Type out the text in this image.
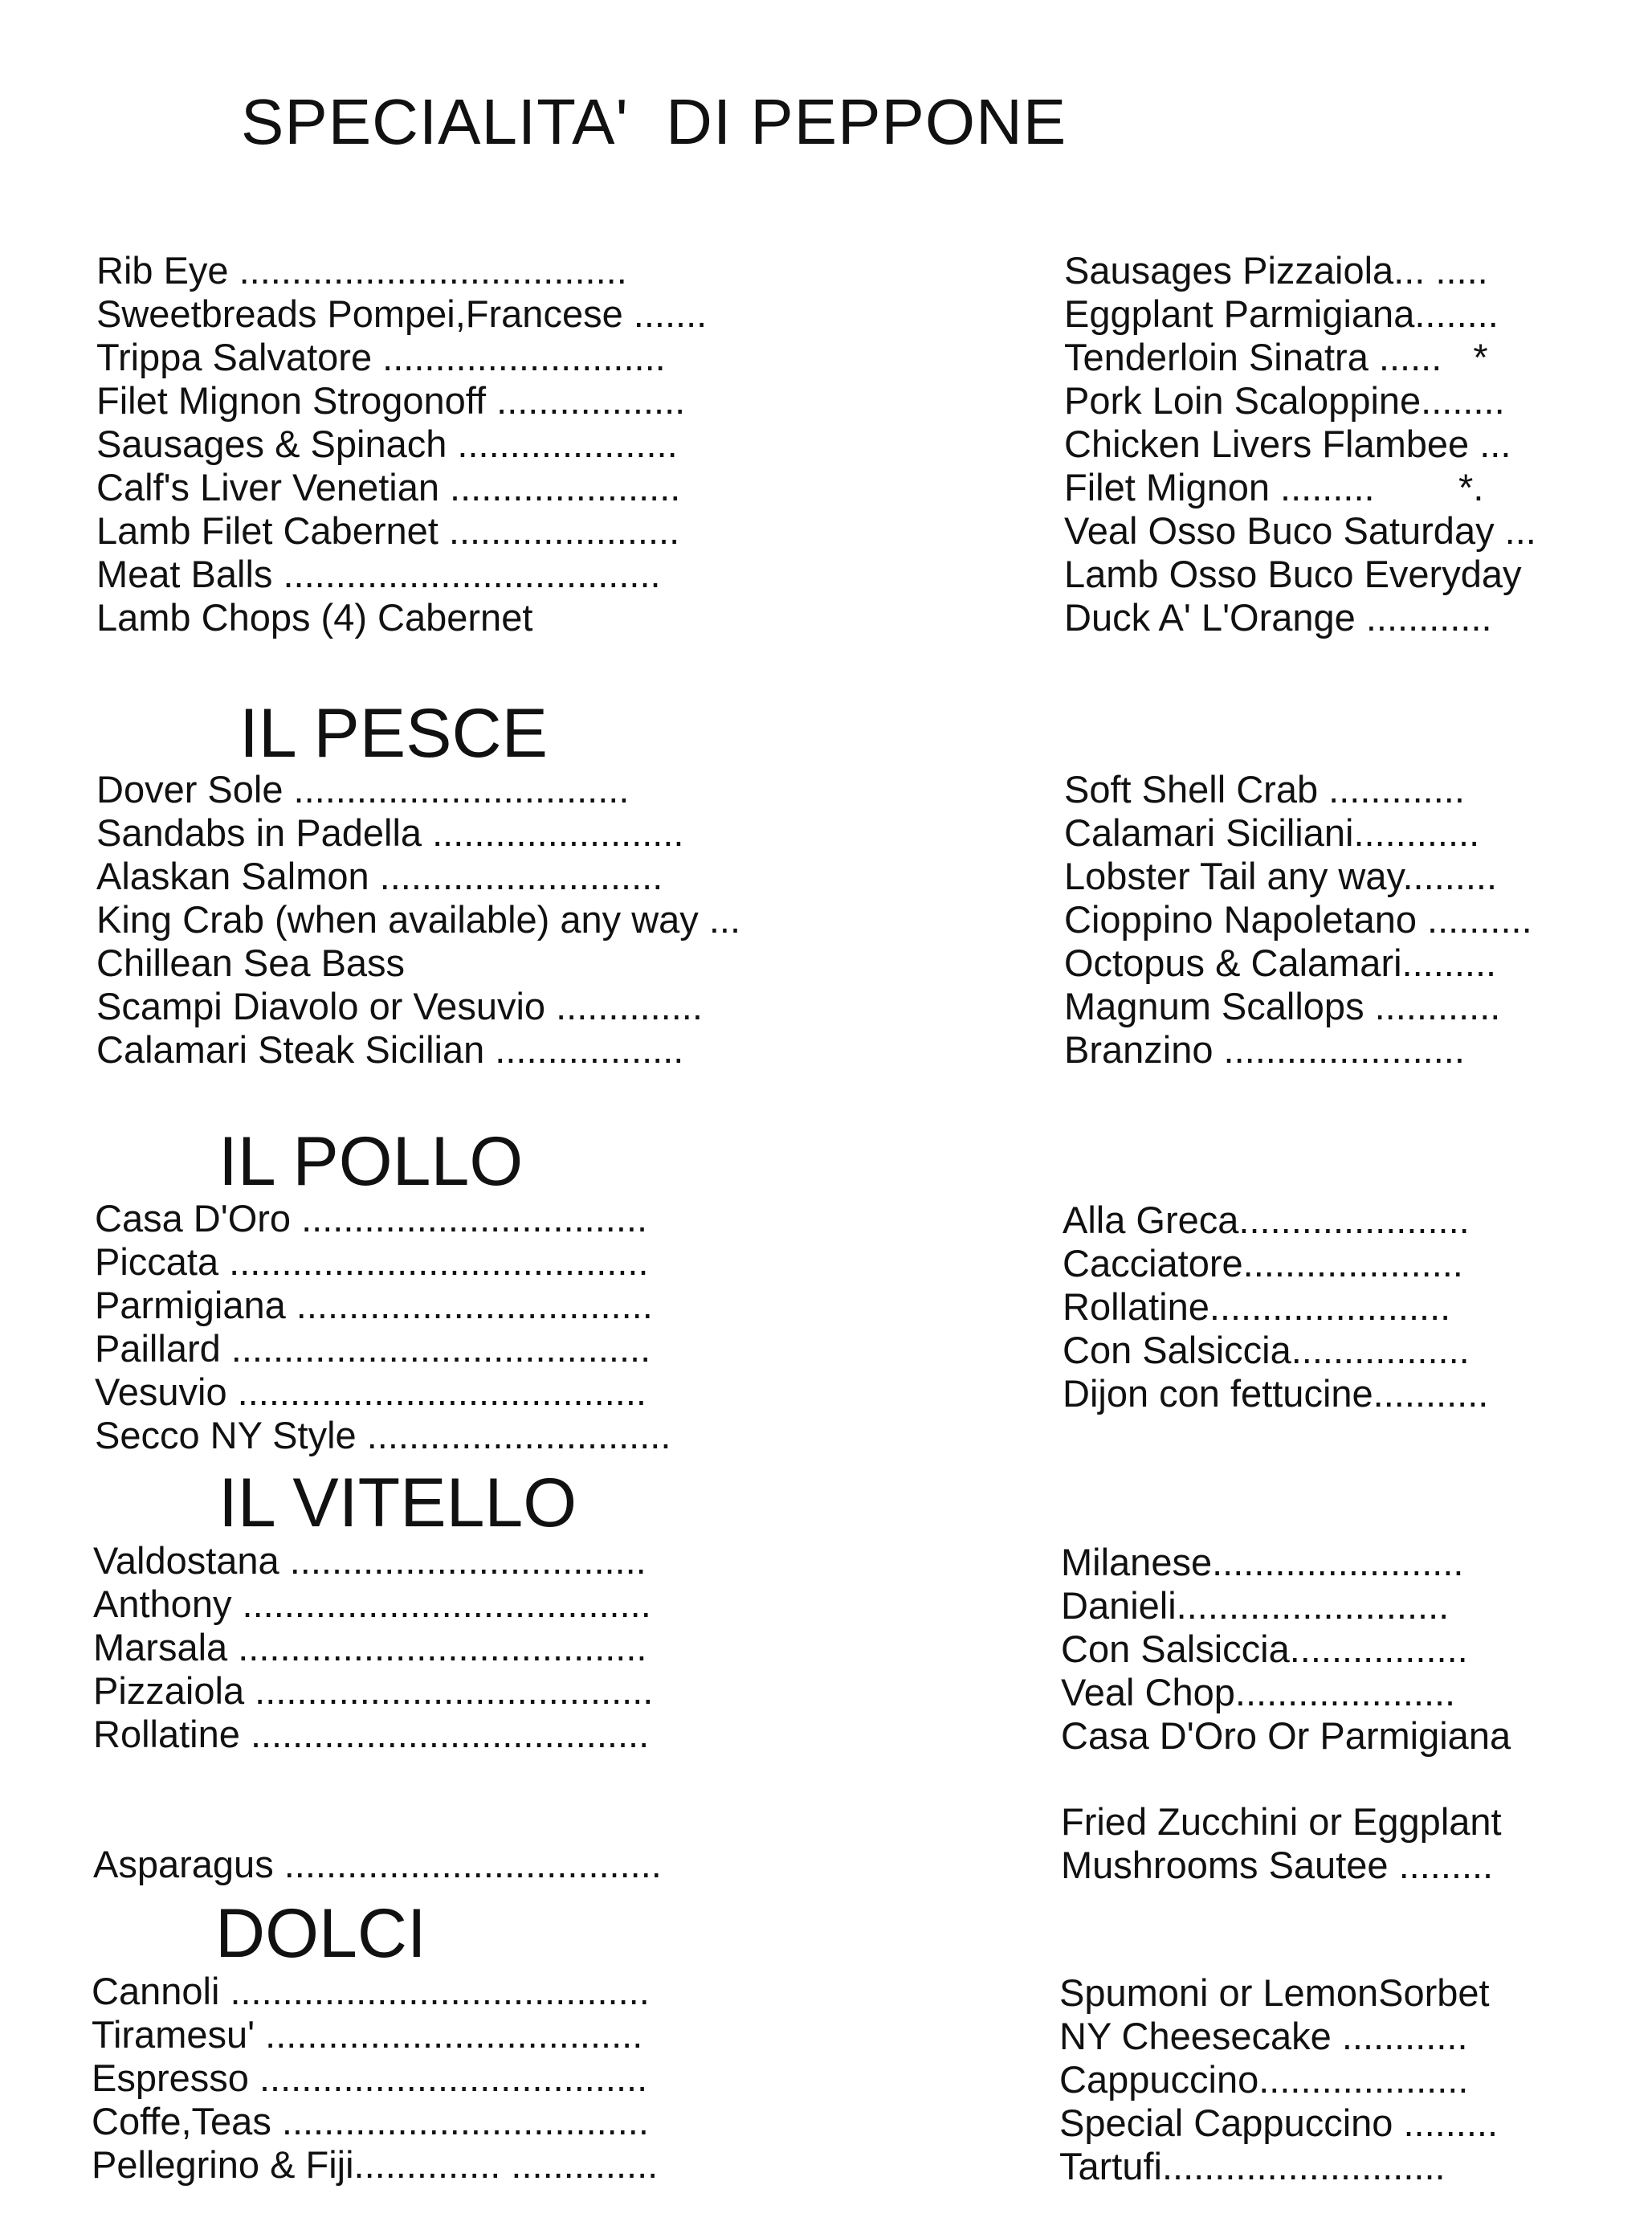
SPECIALITA'  DI PEPPONE
Rib Eye .....................................
Sweetbreads Pompei,Francese .......
Trippa Salvatore ...........................
Filet Mignon Strogonoff ..................
Sausages & Spinach .....................
Calf's Liver Venetian ......................
Lamb Filet Cabernet ......................
Meat Balls ....................................
Lamb Chops (4) Cabernet
Sausages Pizzaiola... .....
Eggplant Parmigiana........
Tenderloin Sinatra ......   *
Pork Loin Scaloppine........
Chicken Livers Flambee ...
Filet Mignon .........        *.
Veal Osso Buco Saturday ...
Lamb Osso Buco Everyday
Duck A' L'Orange ............
IL PESCE
Dover Sole ................................
Sandabs in Padella ........................
Alaskan Salmon ...........................
King Crab (when available) any way ...
Chillean Sea Bass
Scampi Diavolo or Vesuvio ..............
Calamari Steak Sicilian ..................
Soft Shell Crab .............
Calamari Siciliani............
Lobster Tail any way.........
Cioppino Napoletano ..........
Octopus & Calamari.........
Magnum Scallops ............
Branzino .......................
IL POLLO
Casa D'Oro .................................
Piccata ........................................
Parmigiana ..................................
Paillard ........................................
Vesuvio .......................................
Secco NY Style .............................
Alla Greca......................
Cacciatore.....................
Rollatine.......................
Con Salsiccia.................
Dijon con fettucine...........
IL VITELLO
Valdostana ..................................
Anthony .......................................
Marsala .......................................
Pizzaiola ......................................
Rollatine ......................................
Milanese........................
Danieli..........................
Con Salsiccia.................
Veal Chop.....................
Casa D'Oro Or Parmigiana
Asparagus ....................................
Fried Zucchini or Eggplant
Mushrooms Sautee .........
DOLCI
Cannoli ........................................
Tiramesu' ....................................
Espresso .....................................
Coffe,Teas ...................................
Pellegrino & Fiji.............. ..............
Spumoni or LemonSorbet
NY Cheesecake ............
Cappuccino....................
Special Cappuccino .........
Tartufi...........................
